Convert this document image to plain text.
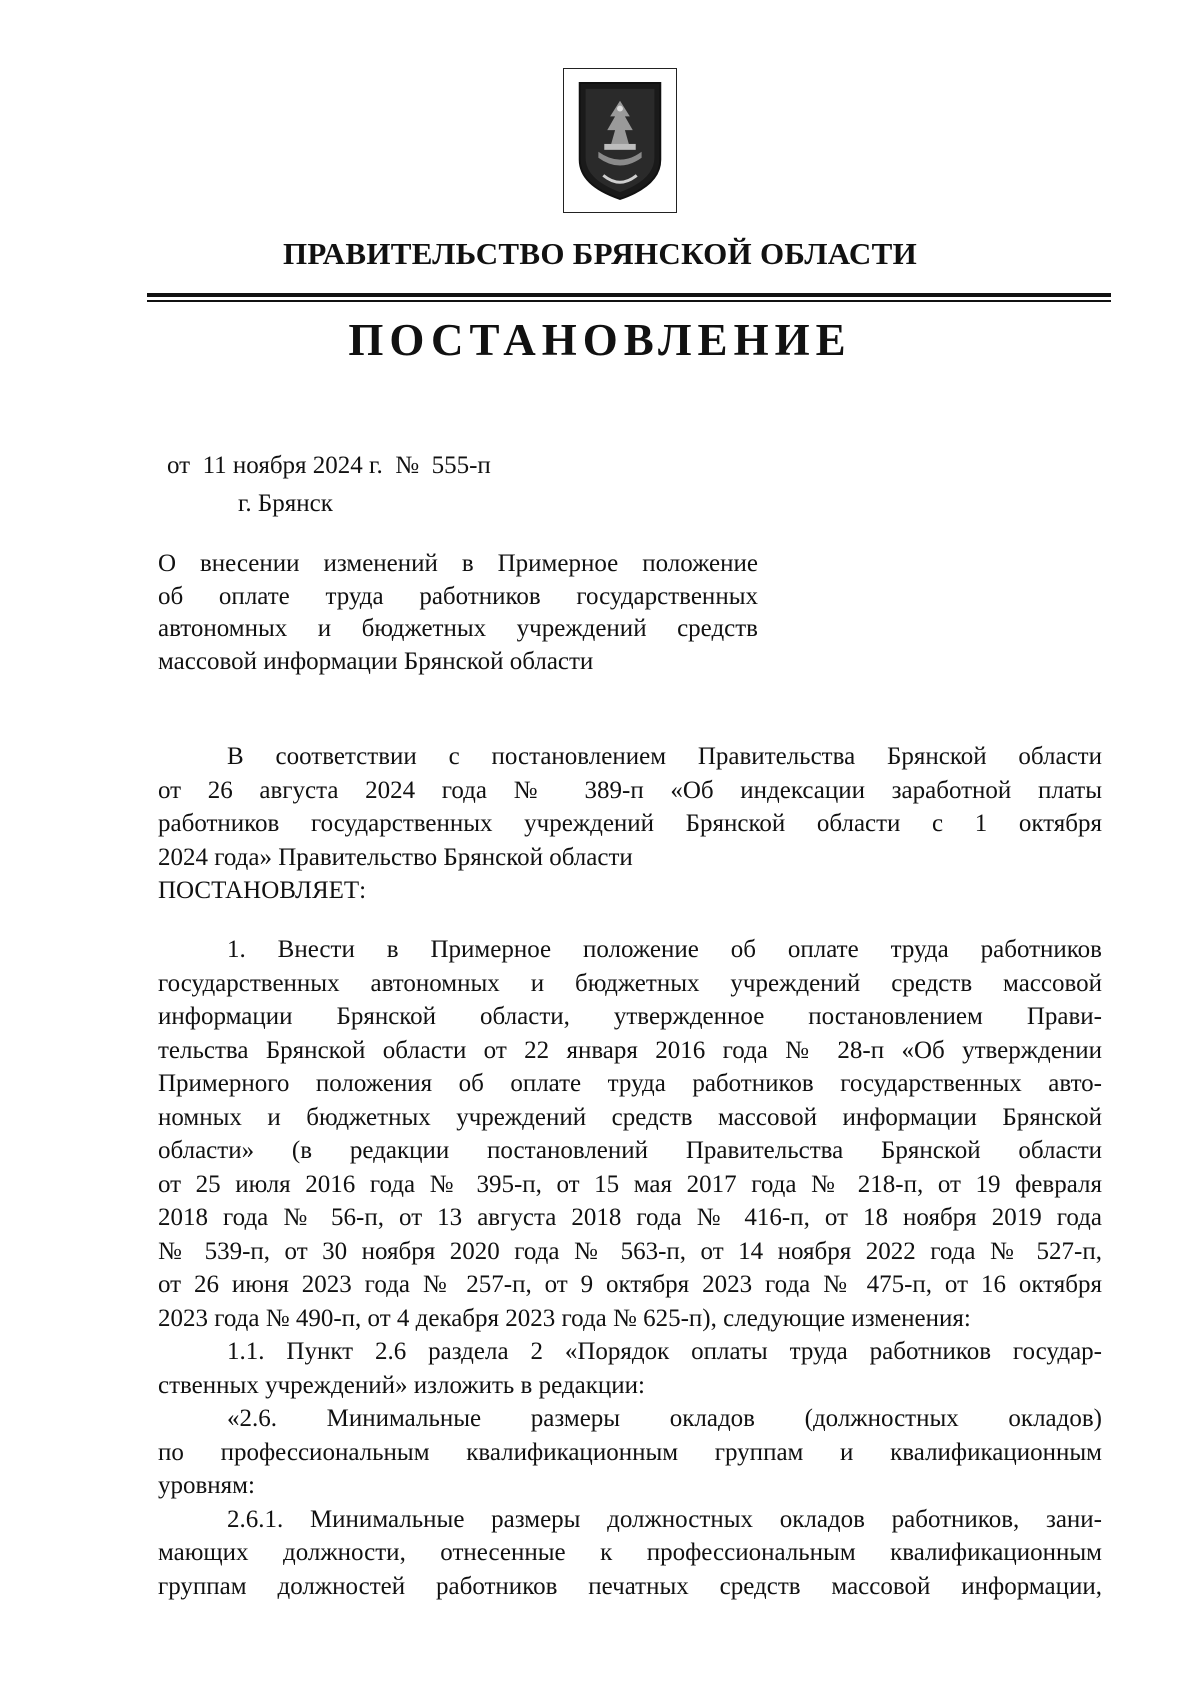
ПРАВИТЕЛЬСТВО БРЯНСКОЙ ОБЛАСТИ
ПОСТАНОВЛЕНИЕ
от  11 ноября 2024 г.  №  555-п
г. Брянск
О внесении изменений в Примерное положение
об оплате труда работников государственных
автономных и бюджетных учреждений средств
массовой информации Брянской области
В соответствии с постановлением Правительства Брянской области
от 26 августа 2024 года № 389-п «Об индексации заработной платы
работников государственных учреждений Брянской области с 1 октября
2024 года» Правительство Брянской области
ПОСТАНОВЛЯЕТ:
1. Внести в Примерное положение об оплате труда работников
государственных автономных и бюджетных учреждений средств массовой
информации Брянской области, утвержденное постановлением Прави-
тельства Брянской области от 22 января 2016 года № 28-п «Об утверждении
Примерного положения об оплате труда работников государственных авто-
номных и бюджетных учреждений средств массовой информации Брянской
области» (в редакции постановлений Правительства Брянской области
от 25 июля 2016 года № 395-п, от 15 мая 2017 года № 218-п, от 19 февраля
2018 года № 56-п, от 13 августа 2018 года № 416-п, от 18 ноября 2019 года
№ 539-п, от 30 ноября 2020 года № 563-п, от 14 ноября 2022 года № 527-п,
от 26 июня 2023 года № 257-п, от 9 октября 2023 года № 475-п, от 16 октября
2023 года № 490-п, от 4 декабря 2023 года № 625-п), следующие изменения:
1.1. Пункт 2.6 раздела 2 «Порядок оплаты труда работников государ-
ственных учреждений» изложить в редакции:
«2.6. Минимальные размеры окладов (должностных окладов)
по профессиональным квалификационным группам и квалификационным
уровням:
2.6.1. Минимальные размеры должностных окладов работников, зани-
мающих должности, отнесенные к профессиональным квалификационным
группам должностей работников печатных средств массовой информации,
